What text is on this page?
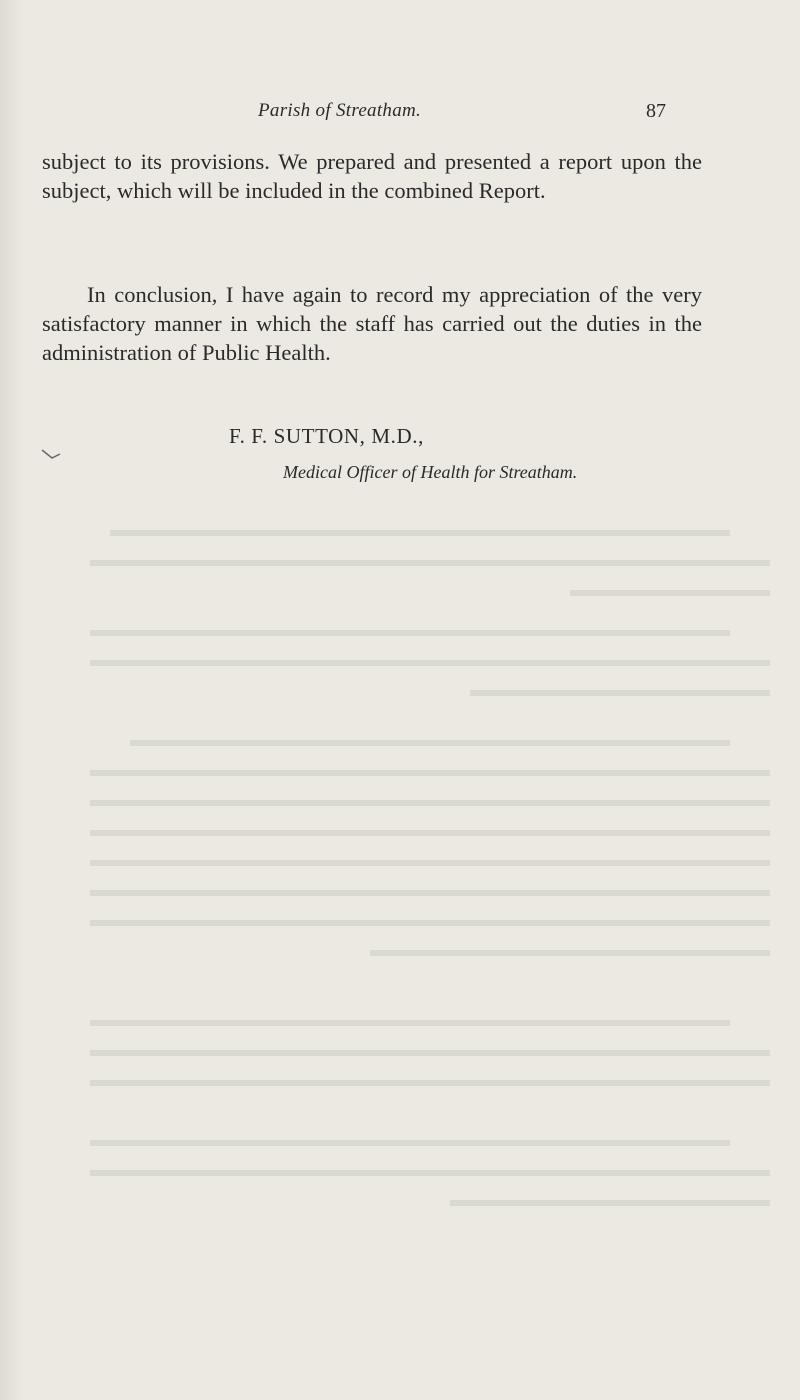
Parish of Streatham.	87

subject to its provisions. We prepared and presented a report upon the subject, which will be included in the combined Report.

In conclusion, I have again to record my appreciation of the very satisfactory manner in which the staff has carried out the duties in the administration of Public Health.

F. F. SUTTON, M.D.,
Medical Officer of Health for Streatham.
